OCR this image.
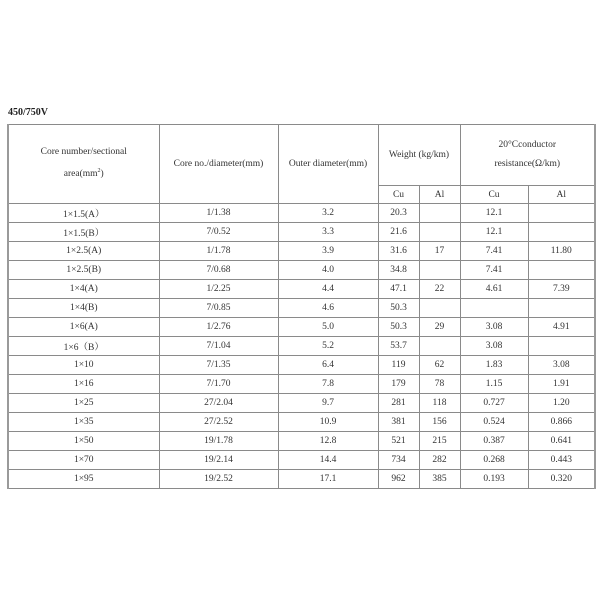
450/750V
Core number/sectional
$area(mm^2)$	Core no./diameter(mm)	Outer diameter(mm)	Weight (kg/km)		20°Cconductor
resistance(Ω/km)	
			Cu	Al	Cu	Al
1×1.5(A）	1/1.38	3.2	20.3		12.1	
1×1.5(B）	7/0.52	3.3	21.6		12.1	
1×2.5(A)	1/1.78	3.9	31.6	17	7.41	11.80
1×2.5(B)	7/0.68	4.0	34.8		7.41	
1×4(A)	1/2.25	4.4	47.1	22	4.61	7.39
1×4(B)	7/0.85	4.6	50.3			
1×6(A)	1/2.76	5.0	50.3	29	3.08	4.91
1×6（B）	7/1.04	5.2	53.7		3.08	
1×10	7/1.35	6.4	119	62	1.83	3.08
1×16	7/1.70	7.8	179	78	1.15	1.91
1×25	27/2.04	9.7	281	118	0.727	1.20
1×35	27/2.52	10.9	381	156	0.524	0.866
1×50	19/1.78	12.8	521	215	0.387	0.641
1×70	19/2.14	14.4	734	282	0.268	0.443
1×95	19/2.52	17.1	962	385	0.193	0.320
